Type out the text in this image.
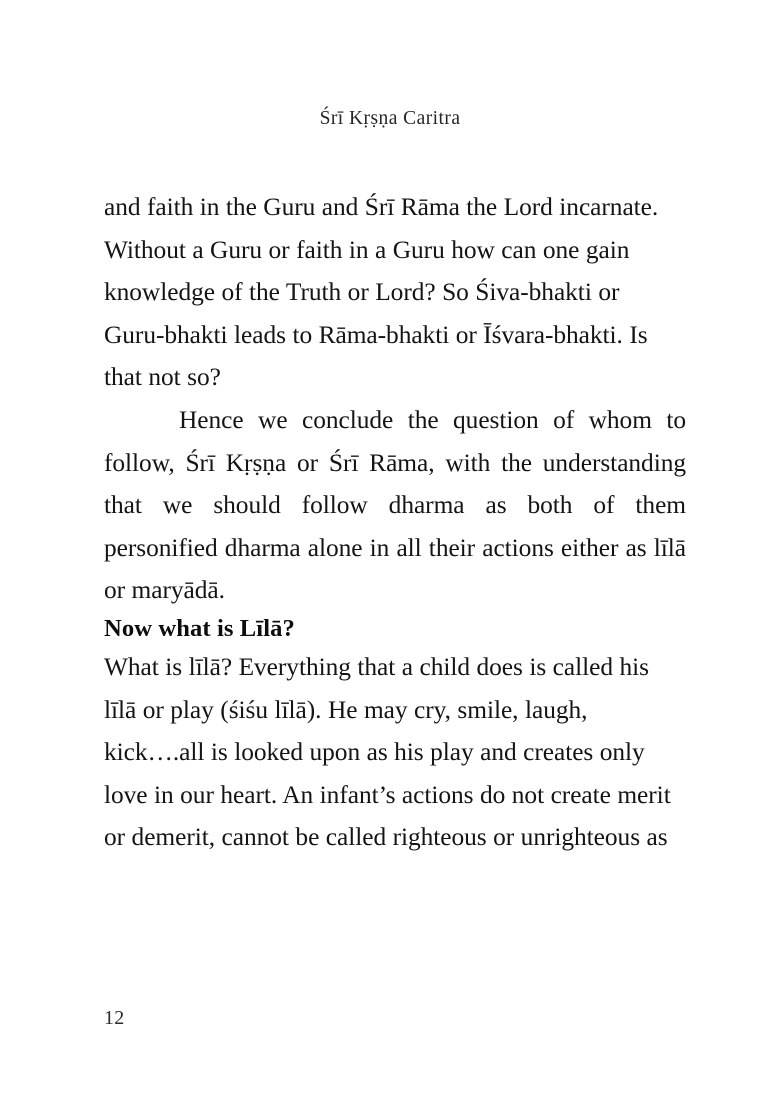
Śrī Kṛṣṇa Caritra

and faith in the Guru and Śrī Rāma the Lord incarnate. Without a Guru or faith in a Guru how can one gain knowledge of the Truth or Lord? So Śiva-bhakti or Guru-bhakti leads to Rāma-bhakti or Īśvara-bhakti. Is that not so?

Hence we conclude the question of whom to follow, Śrī Kṛṣṇa or Śrī Rāma, with the understanding that we should follow dharma as both of them personified dharma alone in all their actions either as līlā or maryādā.

Now what is Līlā?

What is līlā? Everything that a child does is called his līlā or play (śiśu līlā). He may cry, smile, laugh, kick….all is looked upon as his play and creates only love in our heart. An infant’s actions do not create merit or demerit, cannot be called righteous or unrighteous as

12
